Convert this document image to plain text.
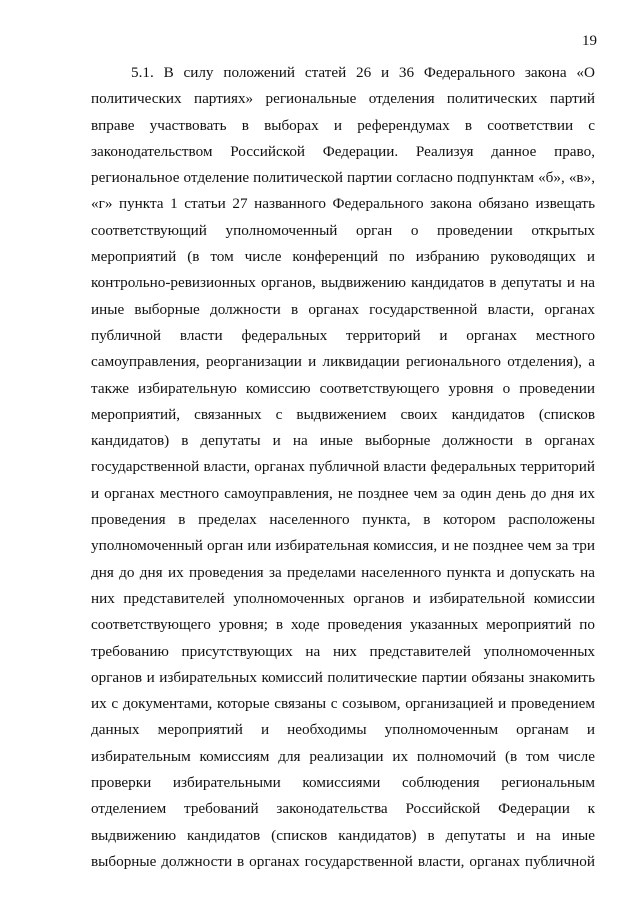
19
5.1. В силу положений статей 26 и 36 Федерального закона «О
политических партиях» региональные отделения политических партий
вправе участвовать в выборах и референдумах в соответствии с
законодательством Российской Федерации. Реализуя данное право,
региональное отделение политической партии согласно подпунктам «б», «в»,
«г» пункта 1 статьи 27 названного Федерального закона обязано извещать
соответствующий уполномоченный орган о проведении открытых
мероприятий (в том числе конференций по избранию руководящих и
контрольно-ревизионных органов, выдвижению кандидатов в депутаты и на
иные выборные должности в органах государственной власти, органах
публичной власти федеральных территорий и органах местного
самоуправления, реорганизации и ликвидации регионального отделения), а
также избирательную комиссию соответствующего уровня о проведении
мероприятий, связанных с выдвижением своих кандидатов (списков
кандидатов) в депутаты и на иные выборные должности в органах
государственной власти, органах публичной власти федеральных территорий
и органах местного самоуправления, не позднее чем за один день до дня их
проведения в пределах населенного пункта, в котором расположены
уполномоченный орган или избирательная комиссия, и не позднее чем за три
дня до дня их проведения за пределами населенного пункта и допускать на
них представителей уполномоченных органов и избирательной комиссии
соответствующего уровня; в ходе проведения указанных мероприятий по
требованию присутствующих на них представителей уполномоченных
органов и избирательных комиссий политические партии обязаны знакомить
их с документами, которые связаны с созывом, организацией и проведением
данных мероприятий и необходимы уполномоченным органам и
избирательным комиссиям для реализации их полномочий (в том числе
проверки избирательными комиссиями соблюдения региональным
отделением требований законодательства Российской Федерации к
выдвижению кандидатов (списков кандидатов) в депутаты и на иные
выборные должности в органах государственной власти, органах публичной
